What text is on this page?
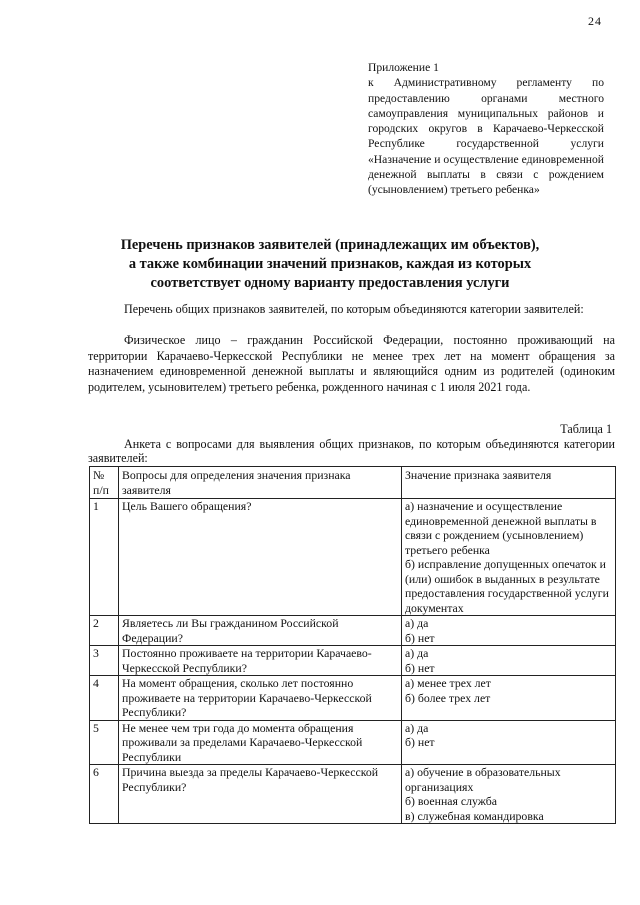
24
Приложение 1
к Административному регламенту по предоставлению органами местного самоуправления муниципальных районов и городских округов в Карачаево-Черкесской Республике государственной услуги «Назначение и осуществление единовременной денежной выплаты в связи с рождением (усыновлением) третьего ребенка»
Перечень признаков заявителей (принадлежащих им объектов),
а также комбинации значений признаков, каждая из которых
соответствует одному варианту предоставления услуги
Перечень общих признаков заявителей, по которым объединяются категории заявителей:
Физическое лицо – гражданин Российской Федерации, постоянно проживающий на территории Карачаево-Черкесской Республики не менее трех лет на момент обращения за назначением единовременной денежной выплаты и являющийся одним из родителей (одиноким родителем, усыновителем) третьего ребенка, рожденного начиная с 1 июля 2021 года.
Таблица 1
Анкета с вопросами для выявления общих признаков, по которым объединяются категории заявителей:
№ п/п	Вопросы для определения значения признака заявителя	Значение признака заявителя
1	Цель Вашего обращения?	а) назначение и осуществление единовременной денежной выплаты в связи с рождением (усыновлением) третьего ребенка
б) исправление допущенных опечаток и (или) ошибок в выданных в результате предоставления государственной услуги документах

2	Являетесь ли Вы гражданином Российской Федерации?	а) да
б) нет

3	Постоянно проживаете на территории Карачаево-Черкесской Республики?	а) да
б) нет

4	На момент обращения, сколько лет постоянно проживаете на территории Карачаево-Черкесской Республики?	а) менее трех лет
б) более трех лет

5	Не менее чем три года до момента обращения проживали за пределами Карачаево-Черкесской Республики	а) да
б) нет

6	Причина выезда за пределы Карачаево-Черкесской Республики?	а) обучение в образовательных организациях
б) военная служба
в) служебная командировка
